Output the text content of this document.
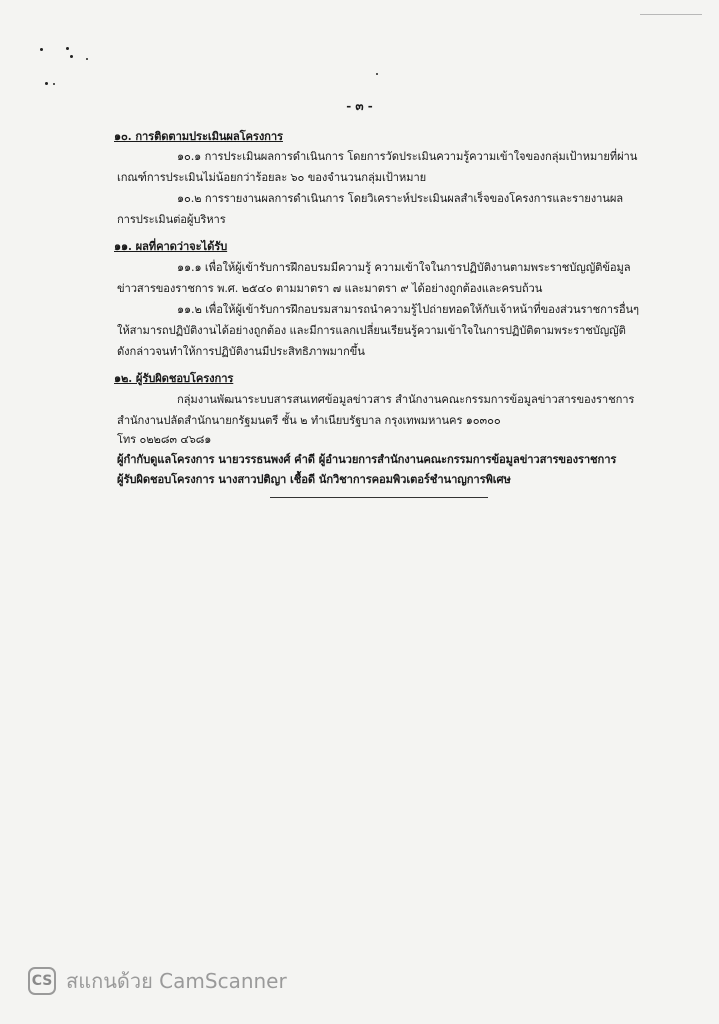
- ๓ -
๑๐. การติดตามประเมินผลโครงการ
๑๐.๑ การประเมินผลการดำเนินการ โดยการวัดประเมินความรู้ความเข้าใจของกลุ่มเป้าหมายที่ผ่าน
เกณฑ์การประเมินไม่น้อยกว่าร้อยละ ๖๐ ของจำนวนกลุ่มเป้าหมาย
๑๐.๒ การรายงานผลการดำเนินการ โดยวิเคราะห์ประเมินผลสำเร็จของโครงการและรายงานผล
การประเมินต่อผู้บริหาร
๑๑. ผลที่คาดว่าจะได้รับ
๑๑.๑ เพื่อให้ผู้เข้ารับการฝึกอบรมมีความรู้ ความเข้าใจในการปฏิบัติงานตามพระราชบัญญัติข้อมูล
ข่าวสารของราชการ พ.ศ. ๒๕๔๐ ตามมาตรา ๗ และมาตรา ๙ ได้อย่างถูกต้องและครบถ้วน
๑๑.๒ เพื่อให้ผู้เข้ารับการฝึกอบรมสามารถนำความรู้ไปถ่ายทอดให้กับเจ้าหน้าที่ของส่วนราชการอื่นๆ
ให้สามารถปฏิบัติงานได้อย่างถูกต้อง และมีการแลกเปลี่ยนเรียนรู้ความเข้าใจในการปฏิบัติตามพระราชบัญญัติ
ดังกล่าวจนทำให้การปฏิบัติงานมีประสิทธิภาพมากขึ้น
๑๒. ผู้รับผิดชอบโครงการ
กลุ่มงานพัฒนาระบบสารสนเทศข้อมูลข่าวสาร สำนักงานคณะกรรมการข้อมูลข่าวสารของราชการ
สำนักงานปลัดสำนักนายกรัฐมนตรี ชั้น ๒ ทำเนียบรัฐบาล กรุงเทพมหานคร ๑๐๓๐๐
โทร ๐๒๒๘๓ ๔๖๘๑
ผู้กำกับดูแลโครงการ นายวรรธนพงศ์ คำดี ผู้อำนวยการสำนักงานคณะกรรมการข้อมูลข่าวสารของราชการ
ผู้รับผิดชอบโครงการ นางสาวปติญา เชื้อดี นักวิชาการคอมพิวเตอร์ชำนาญการพิเศษ
CS สแกนด้วย CamScanner
